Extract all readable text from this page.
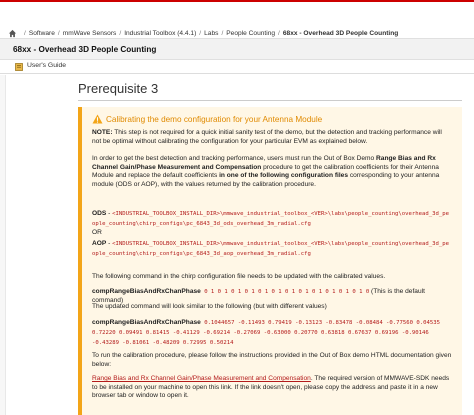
/ Software / mmWave Sensors / Industrial Toolbox (4.4.1) / Labs / People Counting / 68xx - Overhead 3D People Counting
68xx - Overhead 3D People Counting
User's Guide
Prerequisite 3
Calibrating the demo configuration for your Antenna Module
NOTE: This step is not required for a quick initial sanity test of the demo, but the detection and tracking performance will not be optimal without calibrating the configuration for your particular EVM as explained below.
In order to get the best detection and tracking performance, users must run the Out of Box Demo Range Bias and Rx Channel Gain/Phase Measurement and Compensation procedure to get the calibration coefficients for their Antenna Module and replace the default coefficients in one of the following configuration files corresponding to your antenna module (ODS or AOP), with the values returned by the calibration procedure.
ODS - <INDUSTRIAL_TOOLBOX_INSTALL_DIR>\mmwave_industrial_toolbox_<VER>\labs\people_counting\overhead_3d_people_counting\chirp_configs\pc_6843_3d_ods_overhead_3m_radial.cfg
OR
AOP - <INDUSTRIAL_TOOLBOX_INSTALL_DIR>\mmwave_industrial_toolbox_<VER>\labs\people_counting\overhead_3d_people_counting\chirp_configs\pc_6843_3d_aop_overhead_3m_radial.cfg
The following command in the chirp configuration file needs to be updated with the calibrated values.
compRangeBiasAndRxChanPhase 0 1 0 1 0 1 0 1 0 1 0 1 0 1 0 1 0 1 0 1 0 1 0 1 0 (This is the default command)
The updated command will look similar to the following (but with different values)
compRangeBiasAndRxChanPhase 0.1044657 -0.11493 0.79419 -0.13123 -0.83478 -0.08484 -0.77560 0.04535 0.72220 0.09491 0.81415 -0.41129 -0.69214 -0.27069 -0.63000 0.20770 0.63818 0.67637 0.69196 -0.90146 -0.43289 -0.81061 -0.48209 0.72995 0.50214
To run the calibration procedure, please follow the instructions provided in the Out of Box demo HTML documentation given below:
Range Bias and Rx Channel Gain/Phase Measurement and Compensation. The required version of MMWAVE-SDK needs to be installed on your machine to open this link. If the link doesn't open, please copy the address and paste it in a new browser tab or window to open it.
